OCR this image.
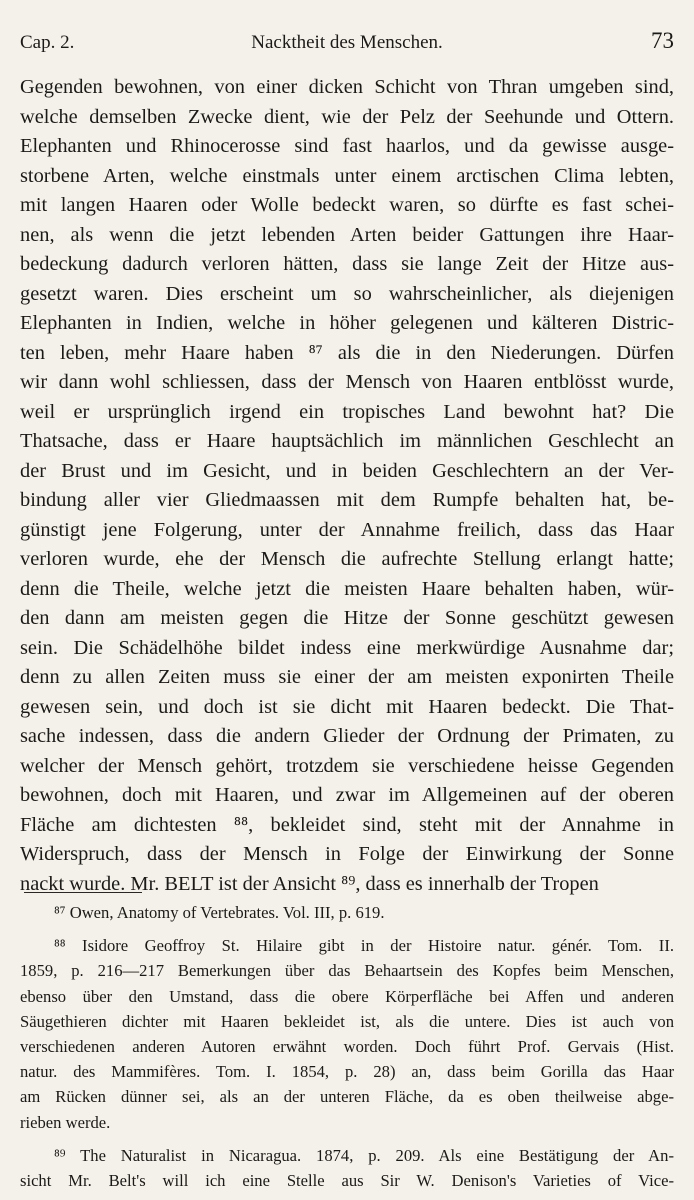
Cap. 2.	Nacktheit des Menschen.	73
Gegenden bewohnen, von einer dicken Schicht von Thran umgeben sind,
welche demselben Zwecke dient, wie der Pelz der Seehunde und Ottern.
Elephanten und Rhinocerosse sind fast haarlos, und da gewisse ausge-
storbene Arten, welche einstmals unter einem arctischen Clima lebten,
mit langen Haaren oder Wolle bedeckt waren, so dürfte es fast schei-
nen, als wenn die jetzt lebenden Arten beider Gattungen ihre Haar-
bedeckung dadurch verloren hätten, dass sie lange Zeit der Hitze aus-
gesetzt waren. Dies erscheint um so wahrscheinlicher, als diejenigen
Elephanten in Indien, welche in höher gelegenen und kälteren Distric-
ten leben, mehr Haare haben ⁸⁷ als die in den Niederungen. Dürfen
wir dann wohl schliessen, dass der Mensch von Haaren entblösst wurde,
weil er ursprünglich irgend ein tropisches Land bewohnt hat? Die
Thatsache, dass er Haare hauptsächlich im männlichen Geschlecht an
der Brust und im Gesicht, und in beiden Geschlechtern an der Ver-
bindung aller vier Gliedmaassen mit dem Rumpfe behalten hat, be-
günstigt jene Folgerung, unter der Annahme freilich, dass das Haar
verloren wurde, ehe der Mensch die aufrechte Stellung erlangt hatte;
denn die Theile, welche jetzt die meisten Haare behalten haben, wür-
den dann am meisten gegen die Hitze der Sonne geschützt gewesen
sein. Die Schädelhöhe bildet indess eine merkwürdige Ausnahme dar;
denn zu allen Zeiten muss sie einer der am meisten exponirten Theile
gewesen sein, und doch ist sie dicht mit Haaren bedeckt. Die That-
sache indessen, dass die andern Glieder der Ordnung der Primaten, zu
welcher der Mensch gehört, trotzdem sie verschiedene heisse Gegenden
bewohnen, doch mit Haaren, und zwar im Allgemeinen auf der oberen
Fläche am dichtesten ⁸⁸, bekleidet sind, steht mit der Annahme in
Widerspruch, dass der Mensch in Folge der Einwirkung der Sonne
nackt wurde. Mr. BELT ist der Ansicht ⁸⁹, dass es innerhalb der Tropen
⁸⁷ Owen, Anatomy of Vertebrates. Vol. III, p. 619.
⁸⁸ Isidore Geoffroy St. Hilaire gibt in der Histoire natur. génér. Tom. II.
1859, p. 216—217 Bemerkungen über das Behaartsein des Kopfes beim Menschen,
ebenso über den Umstand, dass die obere Körperfläche bei Affen und anderen
Säugethieren dichter mit Haaren bekleidet ist, als die untere. Dies ist auch von
verschiedenen anderen Autoren erwähnt worden. Doch führt Prof. Gervais (Hist.
natur. des Mammifères. Tom. I. 1854, p. 28) an, dass beim Gorilla das Haar
am Rücken dünner sei, als an der unteren Fläche, da es oben theilweise abge-
rieben werde.
⁸⁹ The Naturalist in Nicaragua. 1874, p. 209. Als eine Bestätigung der An-
sicht Mr. Belt's will ich eine Stelle aus Sir W. Denison's Varieties of Vice-
